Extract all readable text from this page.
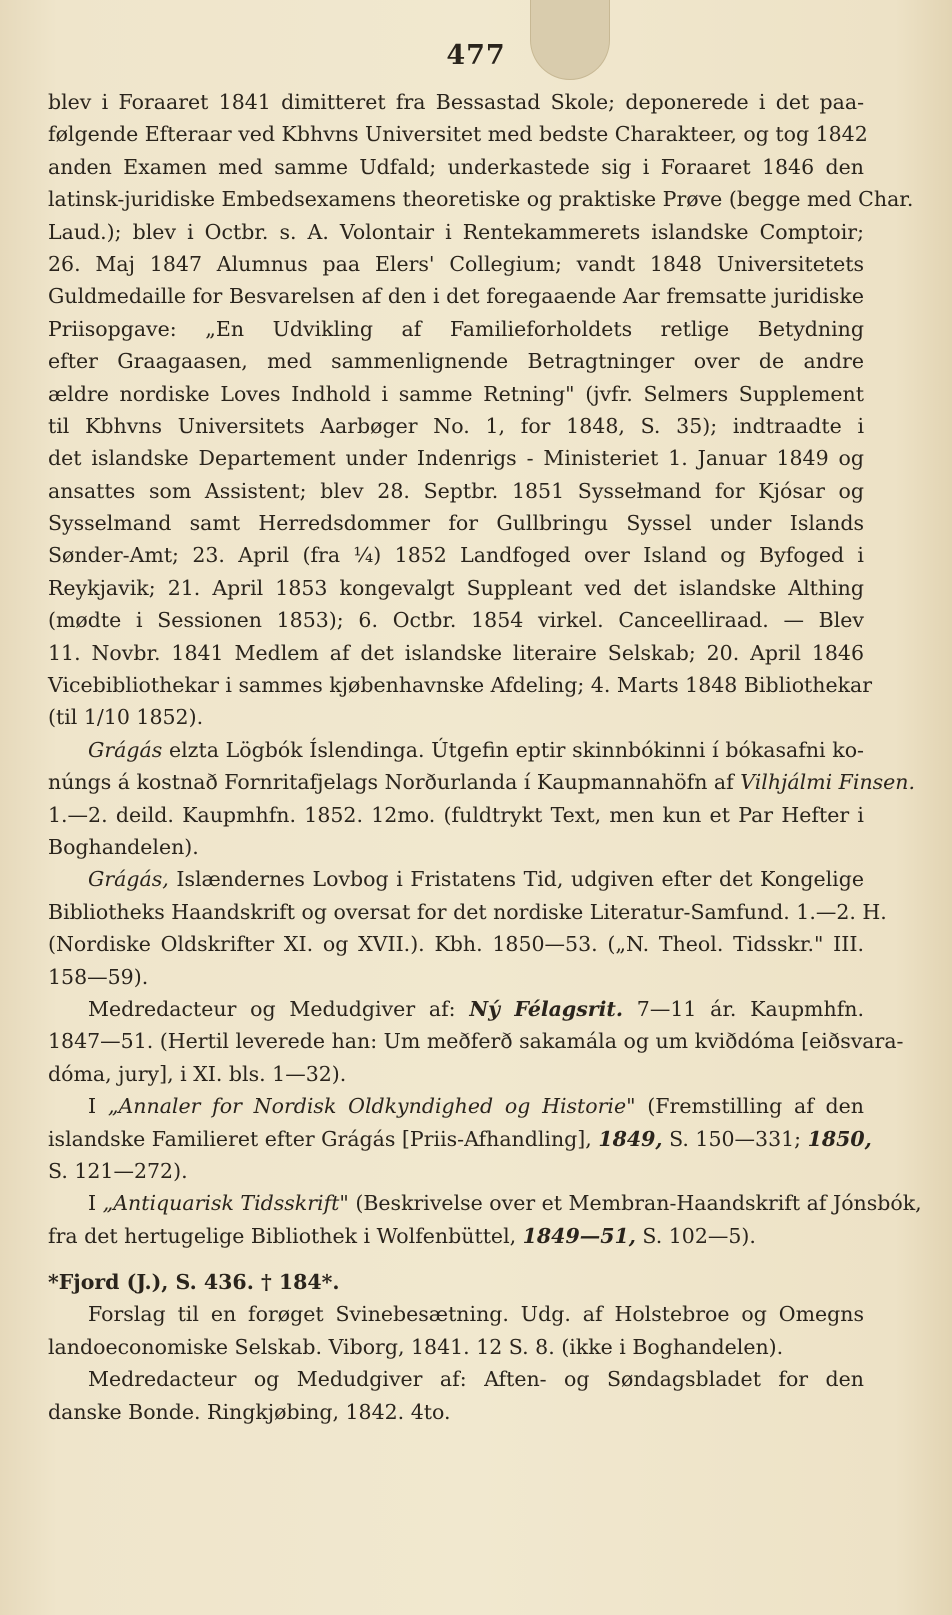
477
blev i Foraaret 1841 dimitteret fra Bessastad Skole; deponerede i det paa-
følgende Efteraar ved Kbhvns Universitet med bedste Charakteer, og tog 1842
anden Examen med samme Udfald; underkastede sig i Foraaret 1846 den
latinsk-juridiske Embedsexamens theoretiske og praktiske Prøve (begge med Char.
Laud.); blev i Octbr. s. A. Volontair i Rentekammerets islandske Comptoir;
26. Maj 1847 Alumnus paa Elers' Collegium; vandt 1848 Universitetets
Guldmedaille for Besvarelsen af den i det foregaaende Aar fremsatte juridiske
Priisopgave: „En Udvikling af Familieforholdets retlige Betydning
efter Graagaasen, med sammenlignende Betragtninger over de andre
ældre nordiske Loves Indhold i samme Retning" (jvfr. Selmers Supplement
til Kbhvns Universitets Aarbøger No. 1, for 1848, S. 35); indtraadte i
det islandske Departement under Indenrigs - Ministeriet 1. Januar 1849 og
ansattes som Assistent; blev 28. Septbr. 1851 Syssełmand for Kjósar og
Sysselmand samt Herredsdommer for Gullbringu Syssel under Islands
Sønder-Amt; 23. April (fra ¼) 1852 Landfoged over Island og Byfoged i
Reykjavik; 21. April 1853 kongevalgt Suppleant ved det islandske Althing
(mødte i Sessionen 1853); 6. Octbr. 1854 virkel. Canceelliraad. — Blev
11. Novbr. 1841 Medlem af det islandske literaire Selskab; 20. April 1846
Vicebibliothekar i sammes kjøbenhavnske Afdeling; 4. Marts 1848 Bibliothekar
(til 1/10 1852).
Grágás elzta Lögbók Íslendinga. Útgefin eptir skinnbókinni í bókasafni ko-
núngs á kostnað Fornritafjelags Norðurlanda í Kaupmannahöfn af Vilhjálmi Finsen.
1.—2. deild. Kaupmhfn. 1852. 12mo. (fuldtrykt Text, men kun et Par Hefter i
Boghandelen).
Grágás, Islændernes Lovbog i Fristatens Tid, udgiven efter det Kongelige
Bibliotheks Haandskrift og oversat for det nordiske Literatur-Samfund. 1.—2. H.
(Nordiske Oldskrifter XI. og XVII.). Kbh. 1850—53. („N. Theol. Tidsskr." III.
158—59).
Medredacteur og Medudgiver af: Ný Félagsrit. 7—11 ár. Kaupmhfn.
1847—51. (Hertil leverede han: Um meðferð sakamála og um kviðdóma [eiðsvara-
dóma, jury], i XI. bls. 1—32).
I „Annaler for Nordisk Oldkyndighed og Historie" (Fremstilling af den
islandske Familieret efter Grágás [Priis-Afhandling], 1849, S. 150—331; 1850,
S. 121—272).
I „Antiquarisk Tidsskrift" (Beskrivelse over et Membran-Haandskrift af Jónsbók,
fra det hertugelige Bibliothek i Wolfenbüttel, 1849—51, S. 102—5).
*Fjord (J.), S. 436. † 184*.
Forslag til en forøget Svinebesætning. Udg. af Holstebroe og Omegns
landoeconomiske Selskab. Viborg, 1841. 12 S. 8. (ikke i Boghandelen).
Medredacteur og Medudgiver af: Aften- og Søndagsbladet for den
danske Bonde. Ringkjøbing, 1842. 4to.
